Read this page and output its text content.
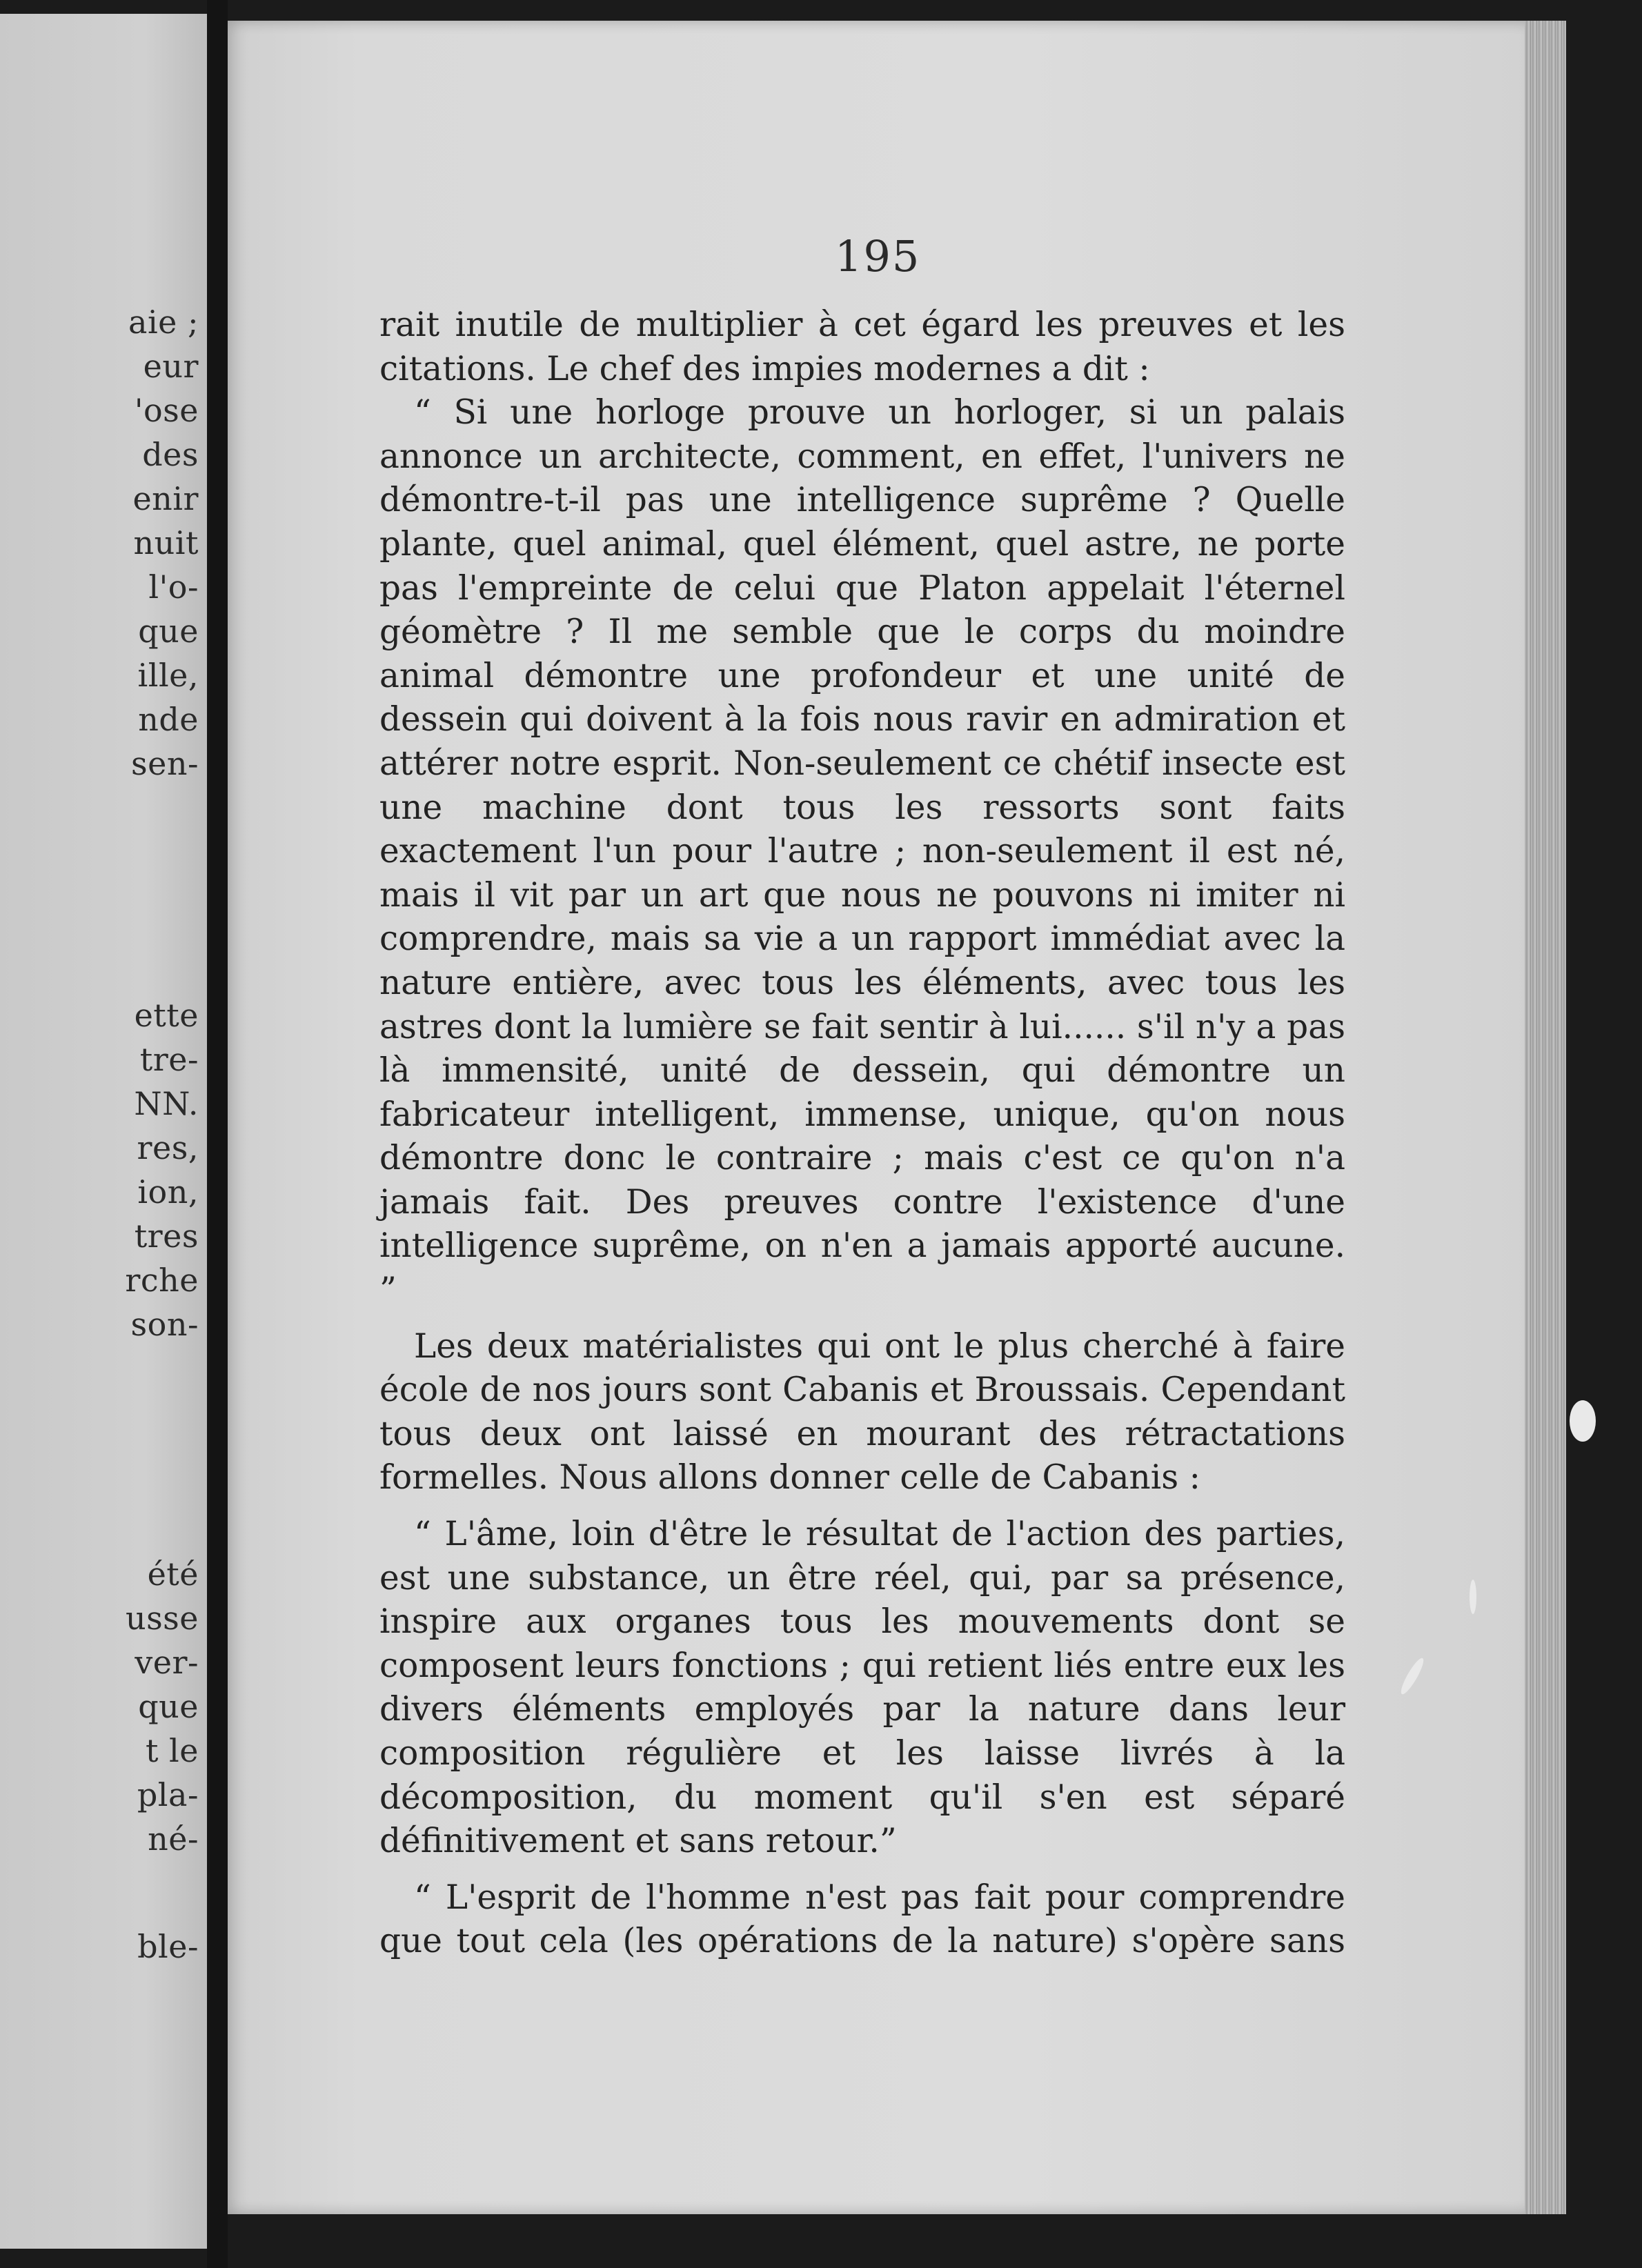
aie ;
eur
'ose
des
enir
nuit
l'o-
que
ille,
nde
sen-
ette
tre-
NN.
res,
ion,
tres
rche
son-
été
usse
ver-
que
t le
pla-
né-
ble-
195

rait inutile de multiplier à cet égard les preuves et les citations. Le chef des impies modernes a dit :

“ Si une horloge prouve un horloger, si un palais annonce un architecte, comment, en effet, l'univers ne démontre-t-il pas une intelligence suprême ? Quelle plante, quel animal, quel élément, quel astre, ne porte pas l'empreinte de celui que Platon appelait l'éternel géomètre ? Il me semble que le corps du moindre animal démontre une profondeur et une unité de dessein qui doivent à la fois nous ravir en admiration et attérer notre esprit. Non-seulement ce chétif insecte est une machine dont tous les ressorts sont faits exactement l'un pour l'autre ; non-seulement il est né, mais il vit par un art que nous ne pouvons ni imiter ni comprendre, mais sa vie a un rapport immédiat avec la nature entière, avec tous les éléments, avec tous les astres dont la lumière se fait sentir à lui...... s'il n'y a pas là immensité, unité de dessein, qui démontre un fabricateur intelligent, immense, unique, qu'on nous démontre donc le contraire ; mais c'est ce qu'on n'a jamais fait. Des preuves contre l'existence d'une intelligence suprême, on n'en a jamais apporté aucune. ”

Les deux matérialistes qui ont le plus cherché à faire école de nos jours sont Cabanis et Broussais. Cependant tous deux ont laissé en mourant des rétractations formelles. Nous allons donner celle de Cabanis :

“ L'âme, loin d'être le résultat de l'action des parties, est une substance, un être réel, qui, par sa présence, inspire aux organes tous les mouvements dont se composent leurs fonctions ; qui retient liés entre eux les divers éléments employés par la nature dans leur composition régulière et les laisse livrés à la décomposition, du moment qu'il s'en est séparé définitivement et sans retour.”

“ L'esprit de l'homme n'est pas fait pour comprendre que tout cela (les opérations de la nature) s'opère sans
